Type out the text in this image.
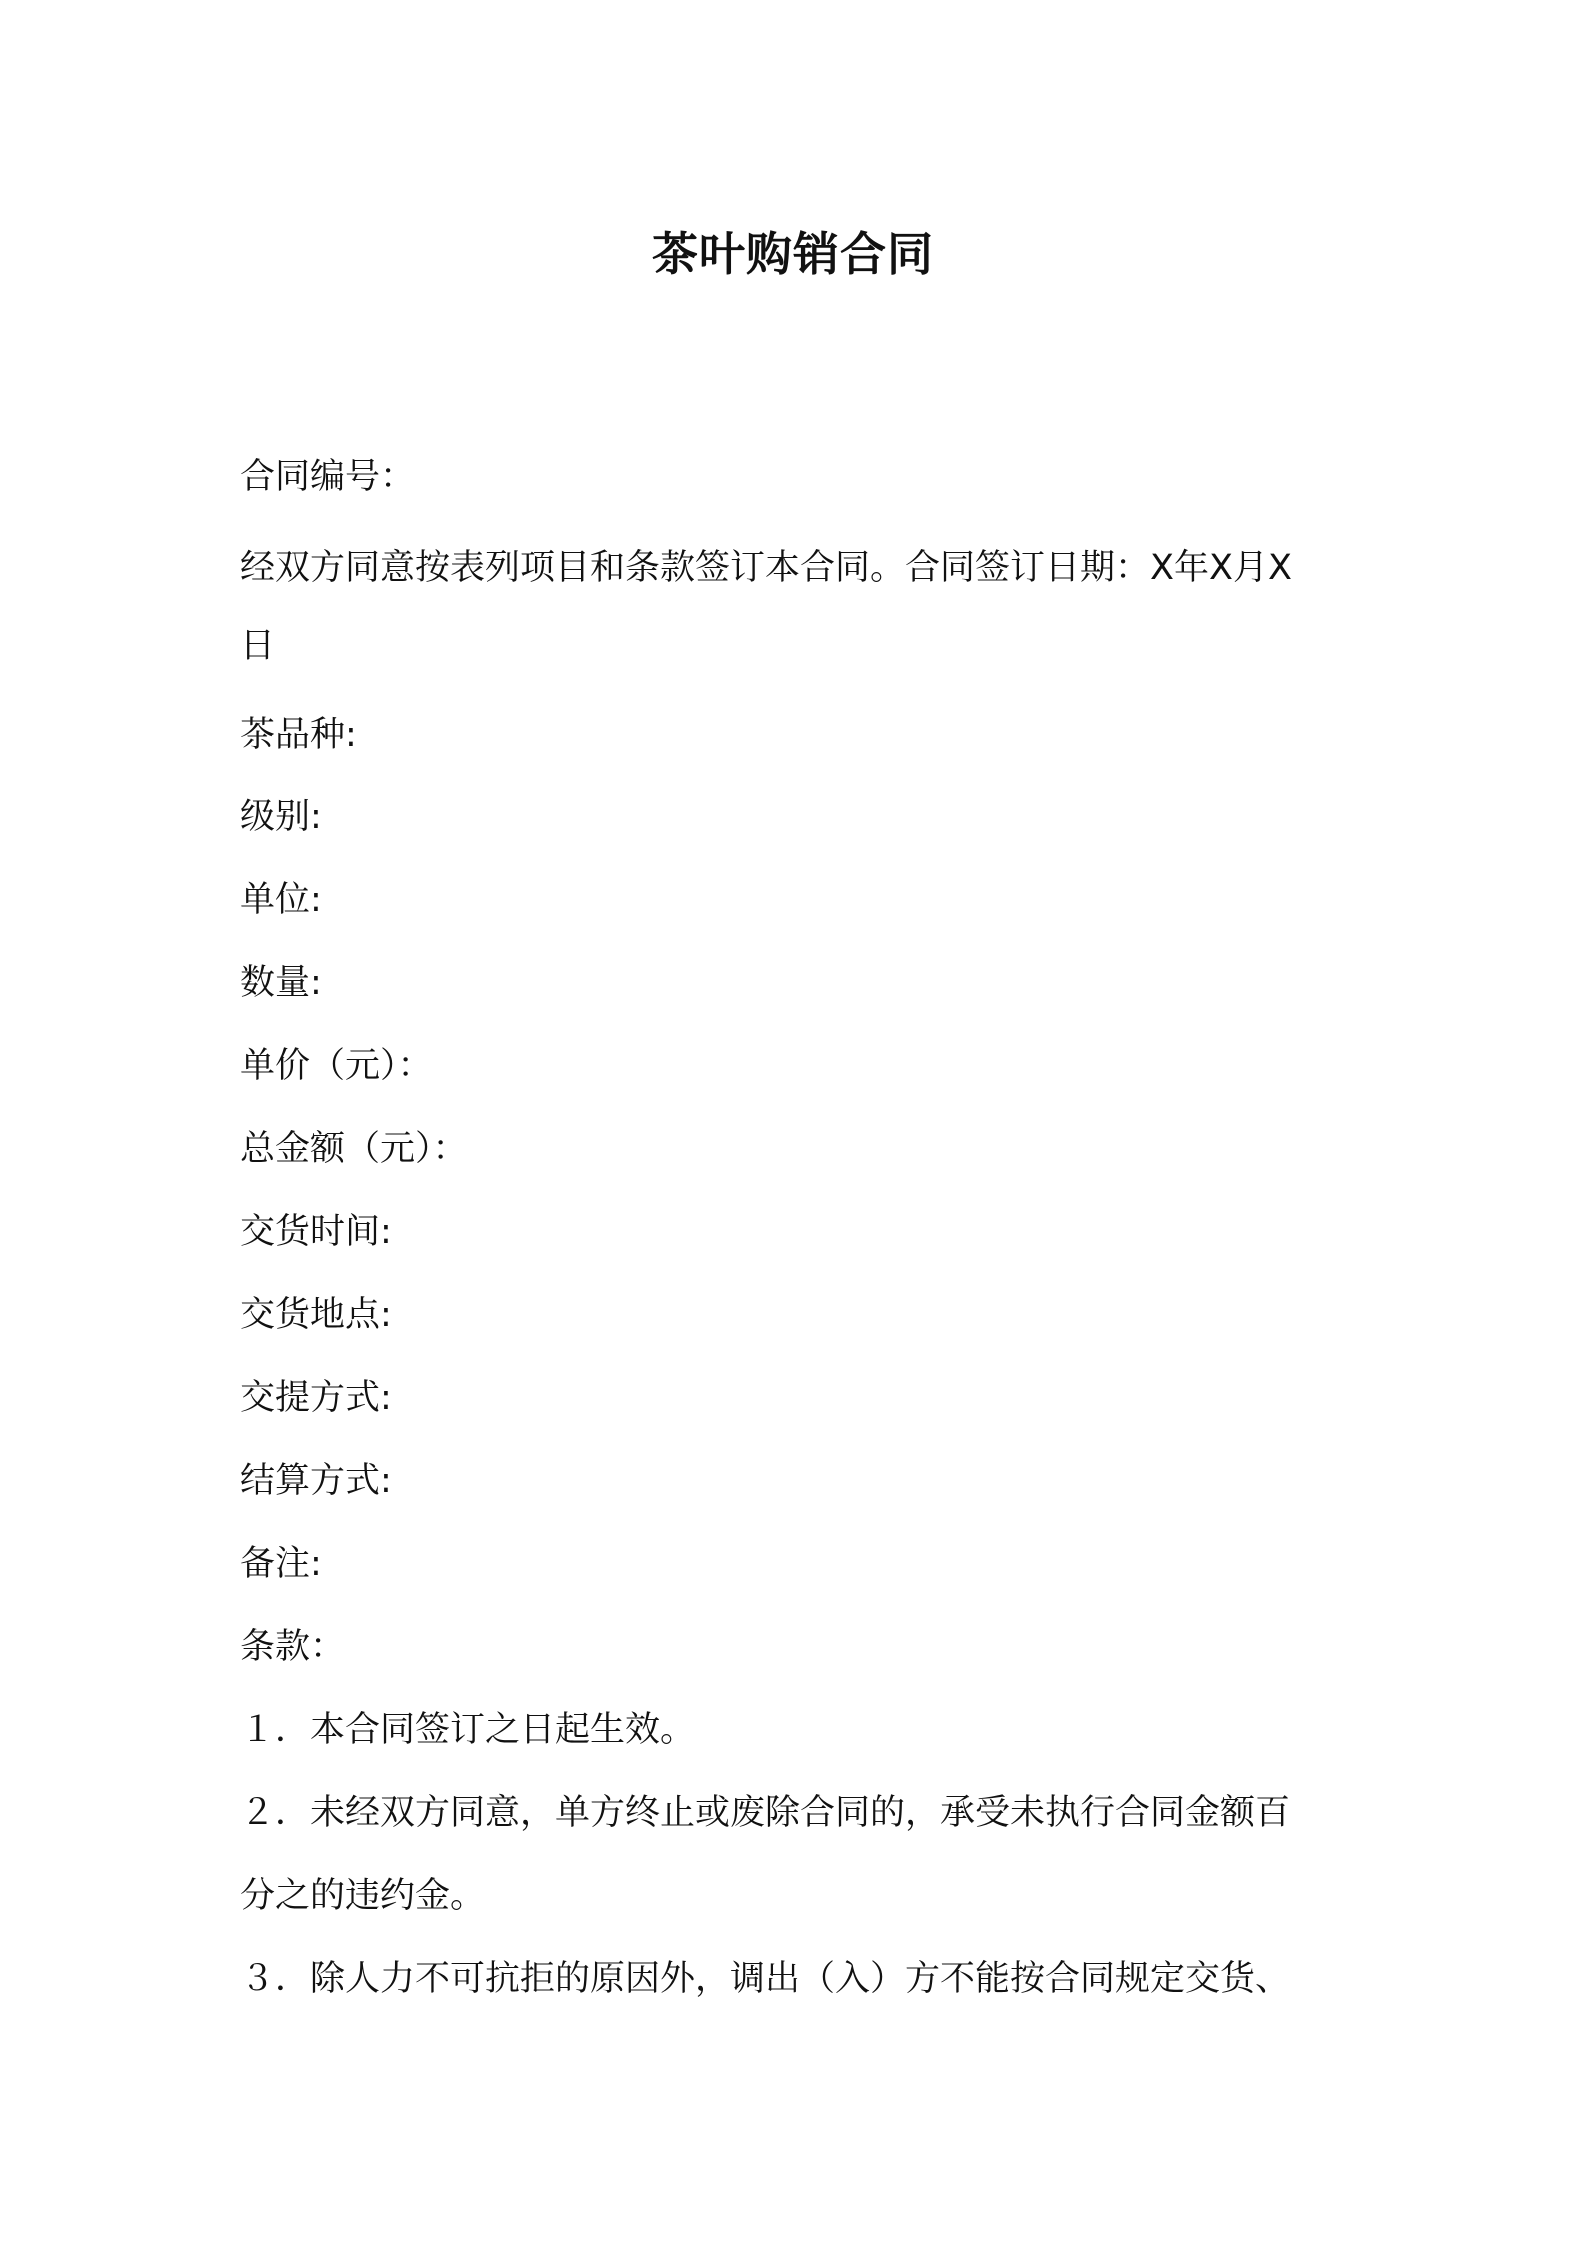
茶叶购销合同

合同编号：

经双方同意按表列项目和条款签订本合同。合同签订日期：X年X月X

日

茶品种:

级别:

单位:

数量:

单价（元）：

总金额（元）：

交货时间:

交货地点:

交提方式:

结算方式:

备注:

条款：

１．本合同签订之日起生效。

２．未经双方同意，单方终止或废除合同的，承受未执行合同金额百

分之的违约金。

３．除人力不可抗拒的原因外，调出（入）方不能按合同规定交货、
